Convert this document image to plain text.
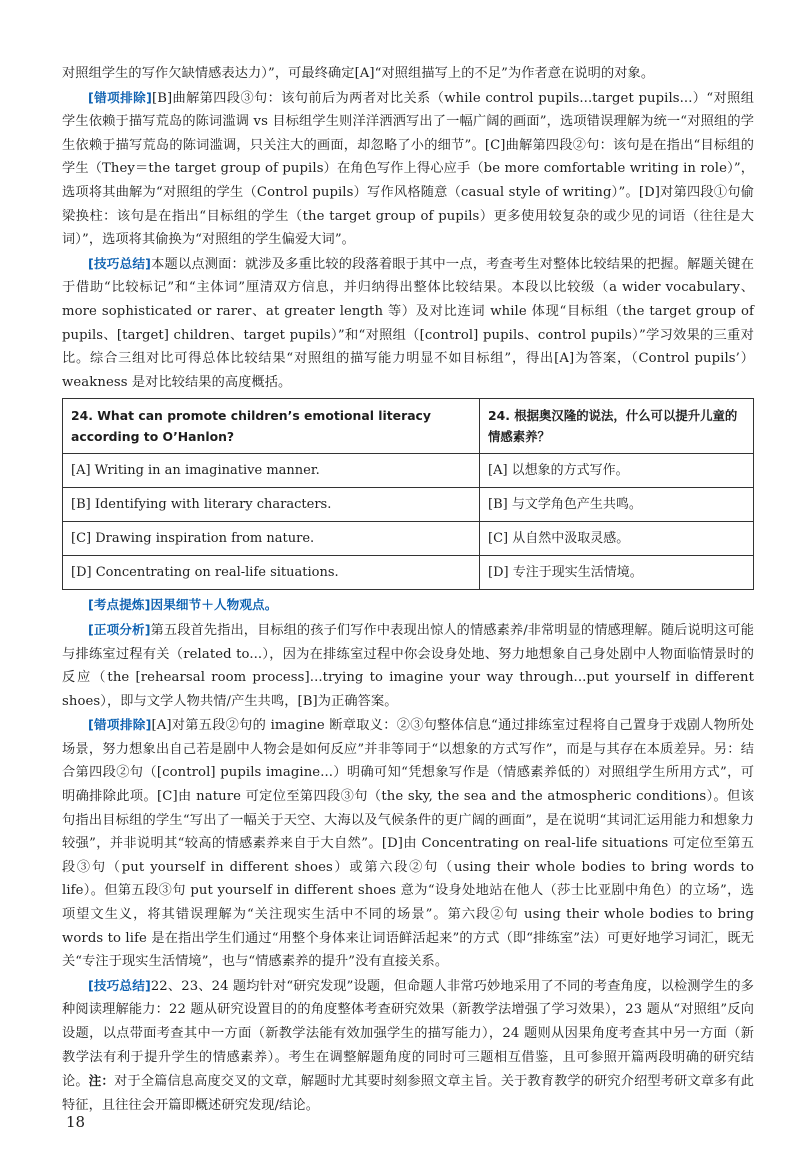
对照组学生的写作欠缺情感表达力）”，可最终确定[A]“对照组描写上的不足”为作者意在说明的对象。

[错项排除][B]曲解第四段③句：该句前后为两者对比关系（while control pupils...target pupils...）“对照组学生依赖于描写荒岛的陈词滥调 vs 目标组学生则洋洋洒洒写出了一幅广阔的画面”，选项错误理解为统一“对照组的学生依赖于描写荒岛的陈词滥调，只关注大的画面，却忽略了小的细节”。[C]曲解第四段②句：该句是在指出“目标组的学生（They＝the target group of pupils）在角色写作上得心应手（be more comfortable writing in role）”，选项将其曲解为“对照组的学生（Control pupils）写作风格随意（casual style of writing）”。[D]对第四段①句偷梁换柱：该句是在指出“目标组的学生（the target group of pupils）更多使用较复杂的或少见的词语（往往是大词）”，选项将其偷换为“对照组的学生偏爱大词”。

[技巧总结]本题以点测面：就涉及多重比较的段落着眼于其中一点，考查考生对整体比较结果的把握。解题关键在于借助“比较标记”和“主体词”厘清双方信息，并归纳得出整体比较结果。本段以比较级（a wider vocabulary、more sophisticated or rarer、at greater length 等）及对比连词 while 体现“目标组（the target group of pupils、[target] children、target pupils）”和“对照组（[control] pupils、control pupils）”学习效果的三重对比。综合三组对比可得总体比较结果“对照组的描写能力明显不如目标组”，得出[A]为答案，（Control pupils’）weakness 是对比较结果的高度概括。

24. What can promote children’s emotional literacy according to O’Hanlon?	24. 根据奥汉隆的说法，什么可以提升儿童的情感素养？
[A] Writing in an imaginative manner.	[A] 以想象的方式写作。
[B] Identifying with literary characters.	[B] 与文学角色产生共鸣。
[C] Drawing inspiration from nature.	[C] 从自然中汲取灵感。
[D] Concentrating on real-life situations.	[D] 专注于现实生活情境。

[考点提炼]因果细节＋人物观点。

[正项分析]第五段首先指出，目标组的孩子们写作中表现出惊人的情感素养/非常明显的情感理解。随后说明这可能与排练室过程有关（related to...），因为在排练室过程中你会设身处地、努力地想象自己身处剧中人物面临情景时的反应（the [rehearsal room process]...trying to imagine your way through...put yourself in different shoes），即与文学人物共情/产生共鸣，[B]为正确答案。

[错项排除][A]对第五段②句的 imagine 断章取义：②③句整体信息“通过排练室过程将自己置身于戏剧人物所处场景，努力想象出自己若是剧中人物会是如何反应”并非等同于“以想象的方式写作”，而是与其存在本质差异。另：结合第四段②句（[control] pupils imagine...）明确可知“凭想象写作是（情感素养低的）对照组学生所用方式”，可明确排除此项。[C]由 nature 可定位至第四段③句（the sky, the sea and the atmospheric conditions）。但该句指出目标组的学生“写出了一幅关于天空、大海以及气候条件的更广阔的画面”，是在说明“其词汇运用能力和想象力较强”，并非说明其“较高的情感素养来自于大自然”。[D]由 Concentrating on real-life situations 可定位至第五段③句（put yourself in different shoes）或第六段②句（using their whole bodies to bring words to life）。但第五段③句 put yourself in different shoes 意为“设身处地站在他人（莎士比亚剧中角色）的立场”，选项望文生义，将其错误理解为“关注现实生活中不同的场景”。第六段②句 using their whole bodies to bring words to life 是在指出学生们通过“用整个身体来让词语鲜活起来”的方式（即“排练室”法）可更好地学习词汇，既无关“专注于现实生活情境”，也与“情感素养的提升”没有直接关系。

[技巧总结]22、23、24 题均针对“研究发现”设题，但命题人非常巧妙地采用了不同的考查角度，以检测学生的多种阅读理解能力：22 题从研究设置目的的角度整体考查研究效果（新教学法增强了学习效果），23 题从“对照组”反向设题，以点带面考查其中一方面（新教学法能有效加强学生的描写能力），24 题则从因果角度考查其中另一方面（新教学法有利于提升学生的情感素养）。考生在调整解题角度的同时可三题相互借鉴，且可参照开篇两段明确的研究结论。注：对于全篇信息高度交叉的文章，解题时尤其要时刻参照文章主旨。关于教育教学的研究介绍型考研文章多有此特征，且往往会开篇即概述研究发现/结论。

18
